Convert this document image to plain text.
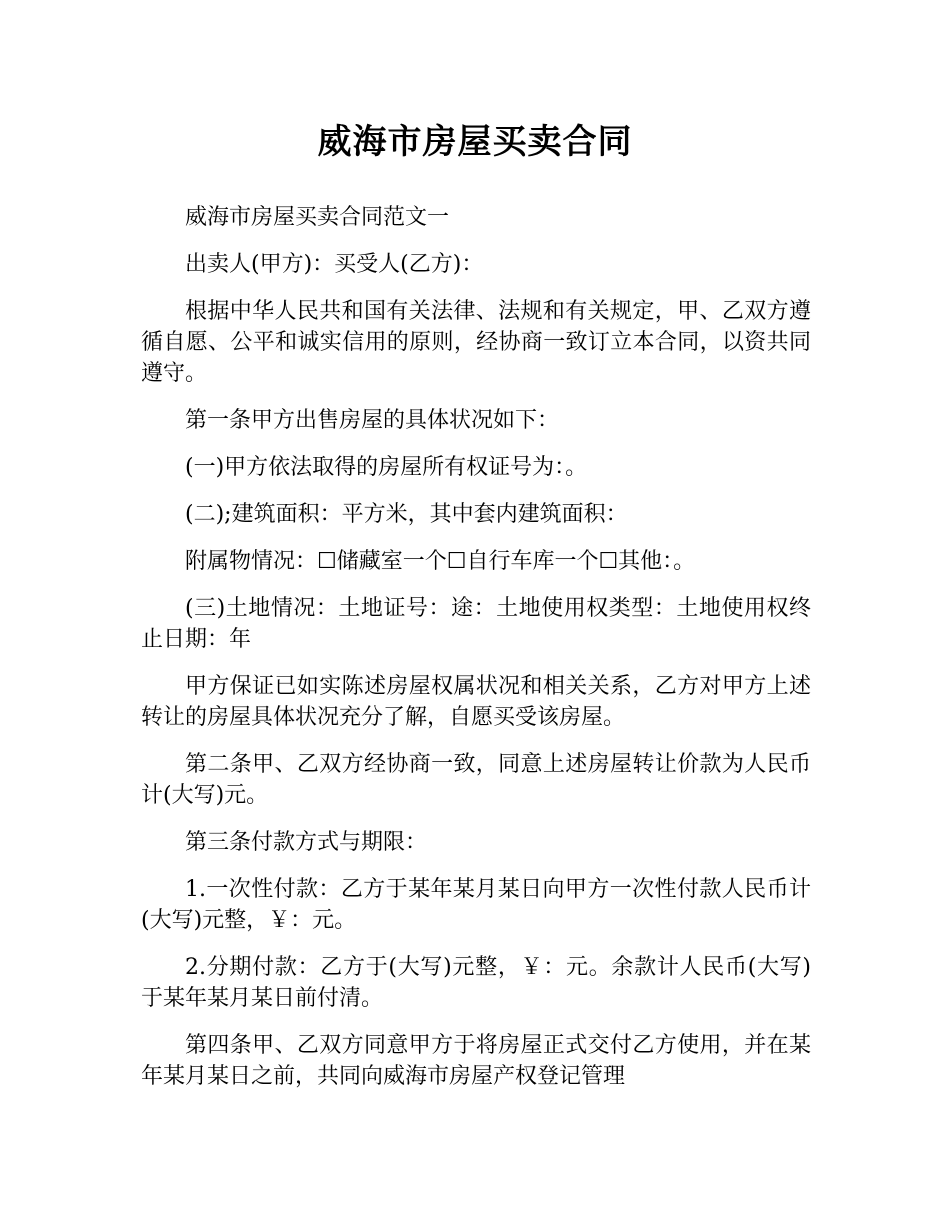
威海市房屋买卖合同

威海市房屋买卖合同范文一

出卖人(甲方)：买受人(乙方)：

根据中华人民共和国有关法律、法规和有关规定，甲、乙双方遵循自愿、公平和诚实信用的原则，经协商一致订立本合同，以资共同遵守。

第一条甲方出售房屋的具体状况如下：

(一)甲方依法取得的房屋所有权证号为：。

(二);建筑面积：平方米，其中套内建筑面积：

附属物情况：☐储藏室一个☐自行车库一个☐其他：。

(三)土地情况：土地证号：途：土地使用权类型：土地使用权终止日期：年

甲方保证已如实陈述房屋权属状况和相关关系，乙方对甲方上述转让的房屋具体状况充分了解，自愿买受该房屋。

第二条甲、乙双方经协商一致，同意上述房屋转让价款为人民币计(大写)元。

第三条付款方式与期限：

1.一次性付款：乙方于某年某月某日向甲方一次性付款人民币计(大写)元整，￥：元。

2.分期付款：乙方于(大写)元整，￥：元。余款计人民币(大写)于某年某月某日前付清。

第四条甲、乙双方同意甲方于将房屋正式交付乙方使用，并在某年某月某日之前，共同向威海市房屋产权登记管理
